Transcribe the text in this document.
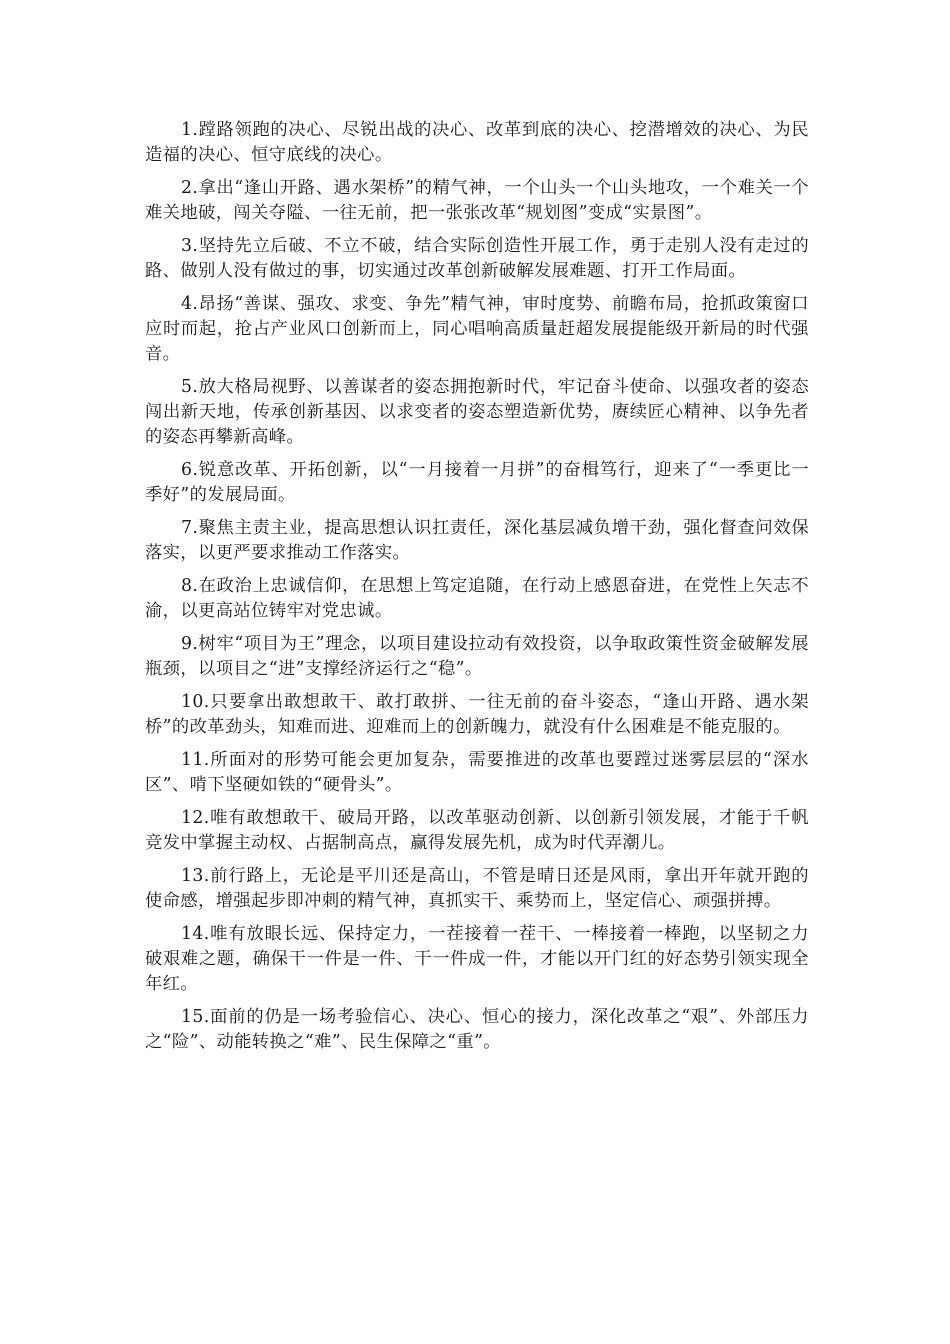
1.蹚路领跑的决心、尽锐出战的决心、改革到底的决心、挖潜增效的决心、为民造福的决心、恒守底线的决心。

2.拿出“逢山开路、遇水架桥”的精气神，一个山头一个山头地攻，一个难关一个难关地破，闯关夺隘、一往无前，把一张张改革“规划图”变成“实景图”。

3.坚持先立后破、不立不破，结合实际创造性开展工作，勇于走别人没有走过的路、做别人没有做过的事，切实通过改革创新破解发展难题、打开工作局面。

4.昂扬“善谋、强攻、求变、争先”精气神，审时度势、前瞻布局，抢抓政策窗口应时而起，抢占产业风口创新而上，同心唱响高质量赶超发展提能级开新局的时代强音。

5.放大格局视野、以善谋者的姿态拥抱新时代，牢记奋斗使命、以强攻者的姿态闯出新天地，传承创新基因、以求变者的姿态塑造新优势，赓续匠心精神、以争先者的姿态再攀新高峰。

6.锐意改革、开拓创新，以“一月接着一月拼”的奋楫笃行，迎来了“一季更比一季好”的发展局面。

7.聚焦主责主业，提高思想认识扛责任，深化基层减负增干劲，强化督查问效保落实，以更严要求推动工作落实。

8.在政治上忠诚信仰，在思想上笃定追随，在行动上感恩奋进，在党性上矢志不渝，以更高站位铸牢对党忠诚。

9.树牢“项目为王”理念，以项目建设拉动有效投资，以争取政策性资金破解发展瓶颈，以项目之“进”支撑经济运行之“稳”。

10.只要拿出敢想敢干、敢打敢拼、一往无前的奋斗姿态，“逢山开路、遇水架桥”的改革劲头，知难而进、迎难而上的创新魄力，就没有什么困难是不能克服的。

11.所面对的形势可能会更加复杂，需要推进的改革也要蹚过迷雾层层的“深水区”、啃下坚硬如铁的“硬骨头”。

12.唯有敢想敢干、破局开路，以改革驱动创新、以创新引领发展，才能于千帆竞发中掌握主动权、占据制高点，赢得发展先机，成为时代弄潮儿。

13.前行路上，无论是平川还是高山，不管是晴日还是风雨，拿出开年就开跑的使命感，增强起步即冲刺的精气神，真抓实干、乘势而上，坚定信心、顽强拼搏。

14.唯有放眼长远、保持定力，一茬接着一茬干、一棒接着一棒跑，以坚韧之力破艰难之题，确保干一件是一件、干一件成一件，才能以开门红的好态势引领实现全年红。

15.面前的仍是一场考验信心、决心、恒心的接力，深化改革之“艰”、外部压力之“险”、动能转换之“难”、民生保障之“重”。
